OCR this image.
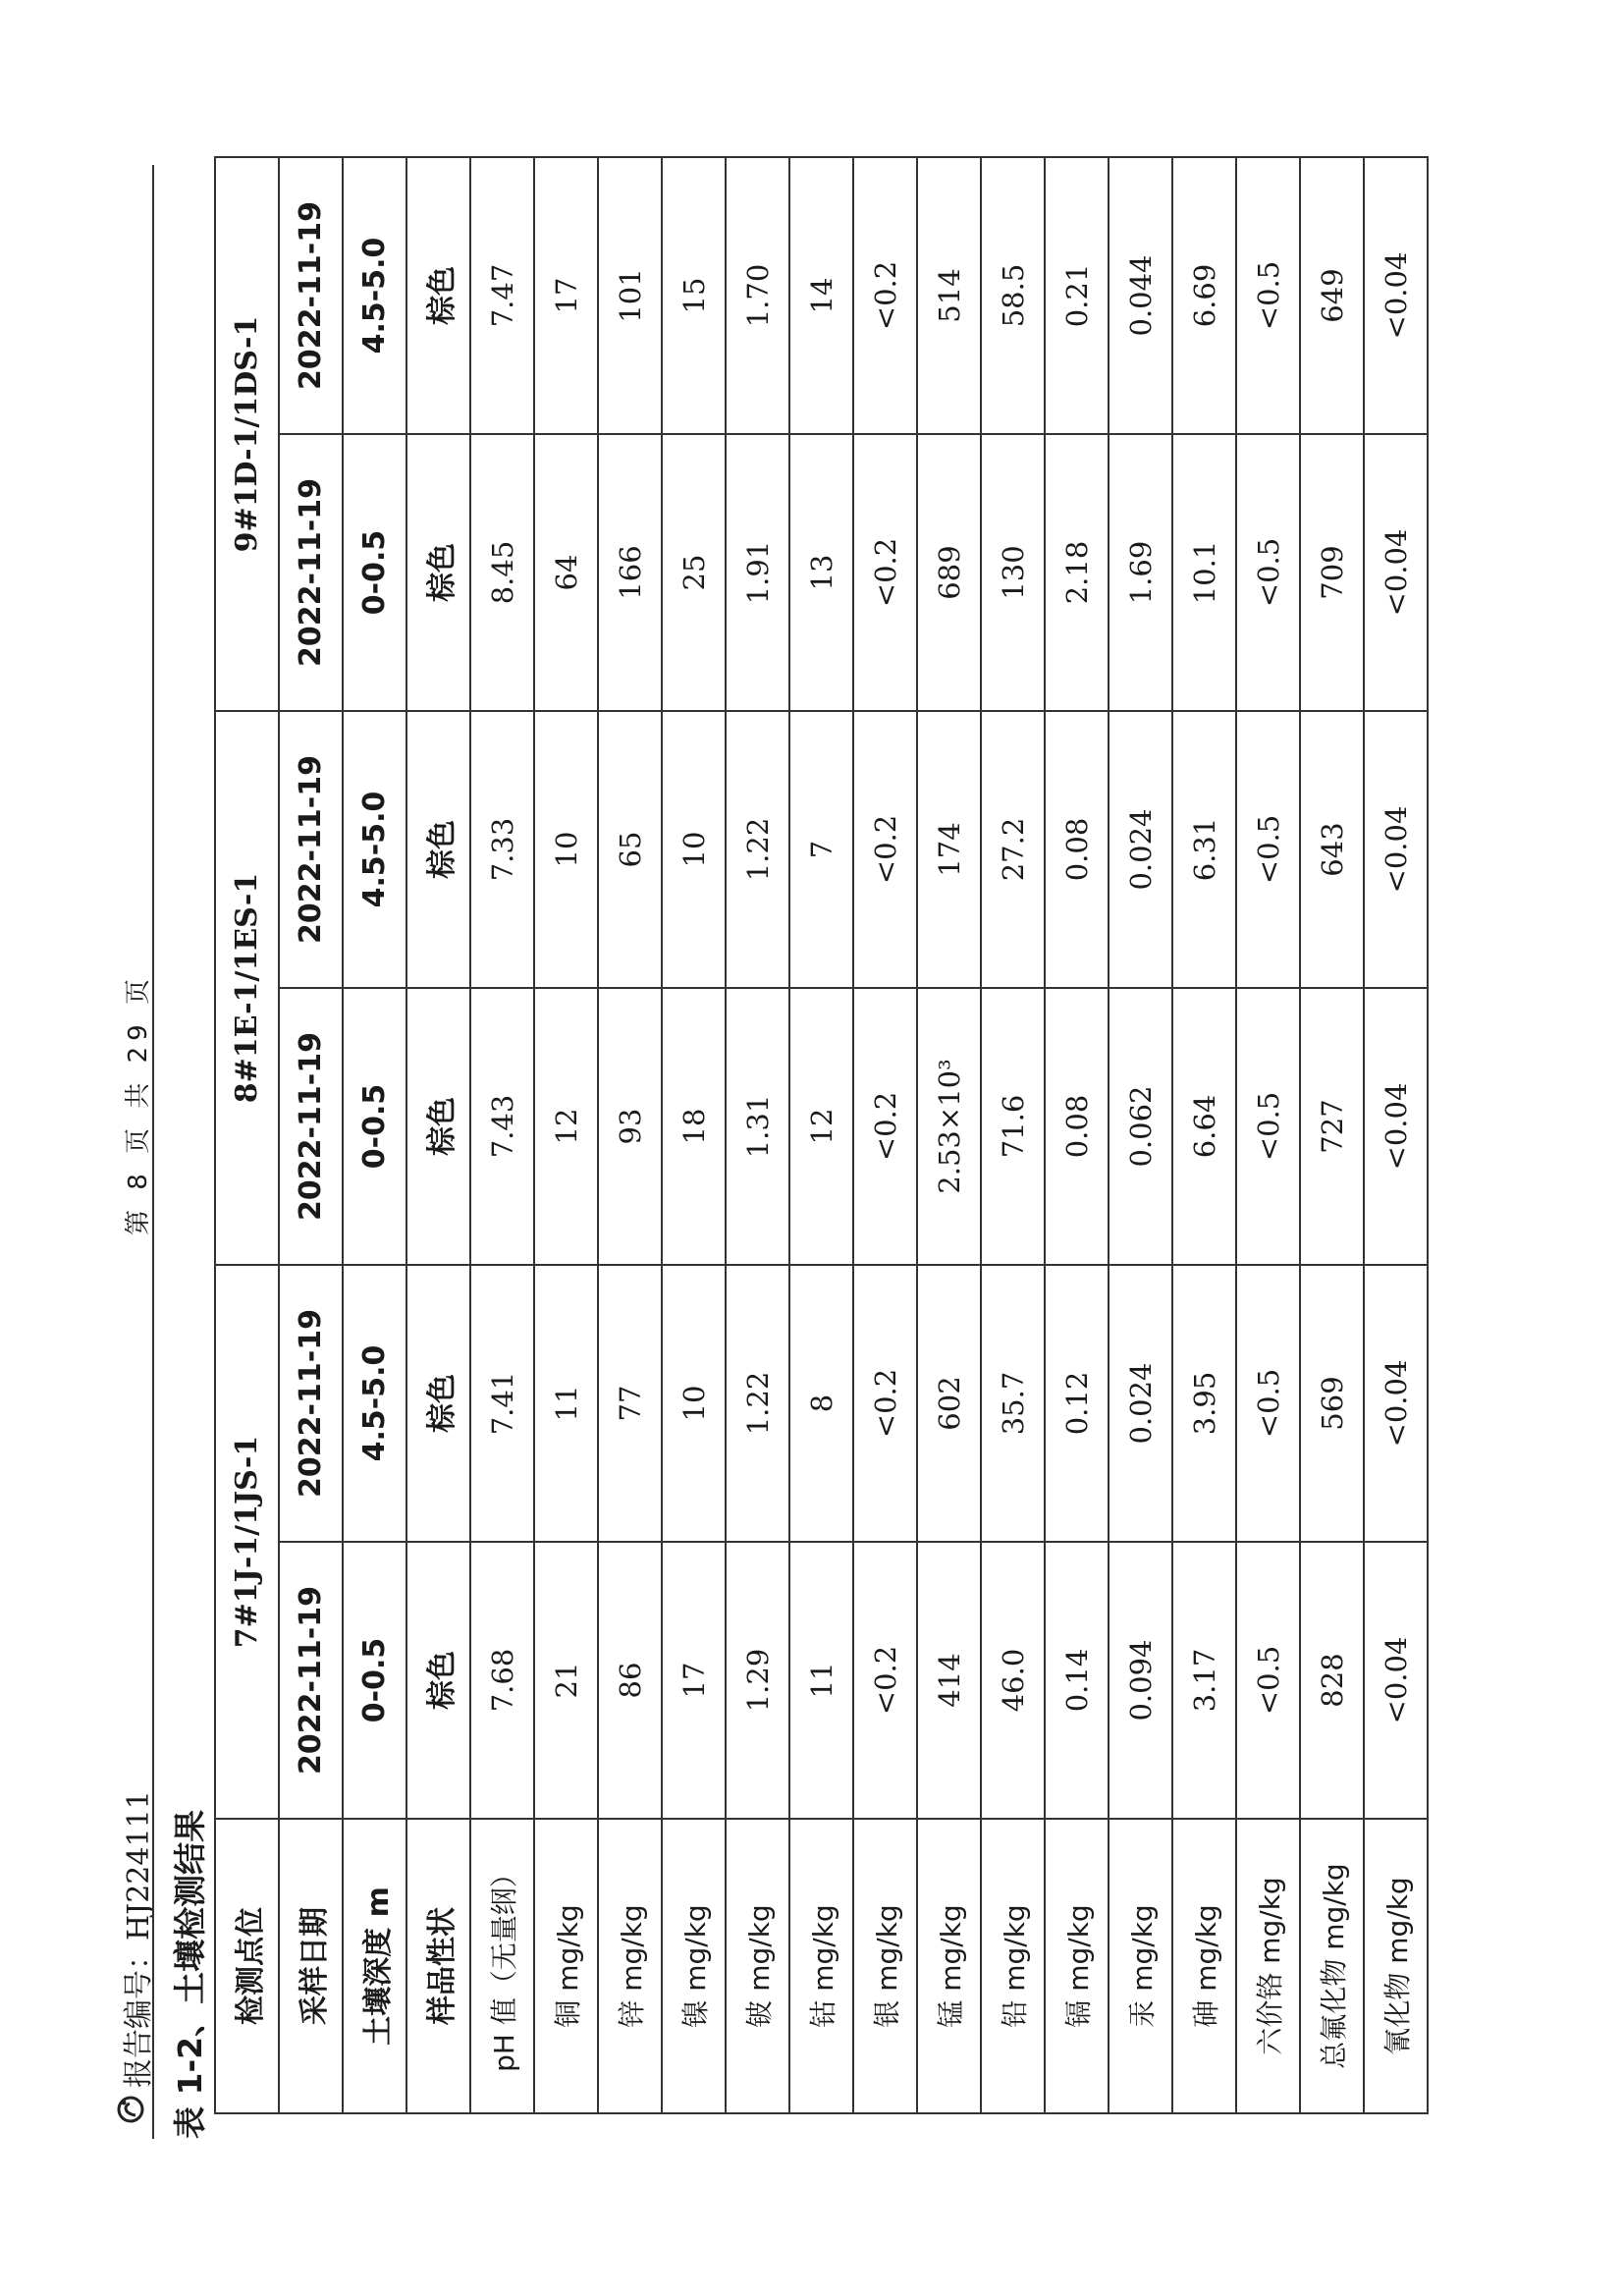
报告编号：HJ224111
第 8 页 共 29 页
表 1-2、土壤检测结果 检测点位	7#1J-1/1JS-1		8#1E-1/1ES-1		9#1D-1/1DS-1	
采样日期	2022-11-19	2022-11-19	2022-11-19	2022-11-19	2022-11-19	2022-11-19
土壤深度 m	0-0.5	4.5-5.0	0-0.5	4.5-5.0	0-0.5	4.5-5.0
样品性状	棕色	棕色	棕色	棕色	棕色	棕色
pH 值（无量纲）	7.68	7.41	7.43	7.33	8.45	7.47
铜 mg/kg	21	11	12	10	64	17
锌 mg/kg	86	77	93	65	166	101
镍 mg/kg	17	10	18	10	25	15
铍 mg/kg	1.29	1.22	1.31	1.22	1.91	1.70
钴 mg/kg	11	8	12	7	13	14
银 mg/kg	<0.2	<0.2	<0.2	<0.2	<0.2	<0.2
锰 mg/kg	414	602	2.53×10³	174	689	514
铅 mg/kg	46.0	35.7	71.6	27.2	130	58.5
镉 mg/kg	0.14	0.12	0.08	0.08	2.18	0.21
汞 mg/kg	0.094	0.024	0.062	0.024	1.69	0.044
砷 mg/kg	3.17	3.95	6.64	6.31	10.1	6.69
六价铬 mg/kg	<0.5	<0.5	<0.5	<0.5	<0.5	<0.5
总氟化物 mg/kg	828	569	727	643	709	649
氰化物 mg/kg	<0.04	<0.04	<0.04	<0.04	<0.04	<0.04
